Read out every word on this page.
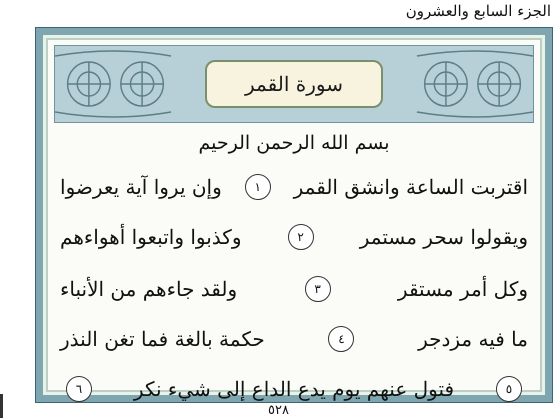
الجزء السابع والعشرون
سورة القمر
بسم الله الرحمن الرحيم
اقتربت الساعة وانشق القمر
١
وإن يروا آية يعرضوا
ويقولوا سحر مستمر
٢
وكذبوا واتبعوا أهواءهم
وكل أمر مستقر
٣
ولقد جاءهم من الأنباء
ما فيه مزدجر
٤
حكمة بالغة فما تغن النذر
٥
فتول عنهم يوم يدع الداع إلى شيء نكر
٦
٥٢٨
